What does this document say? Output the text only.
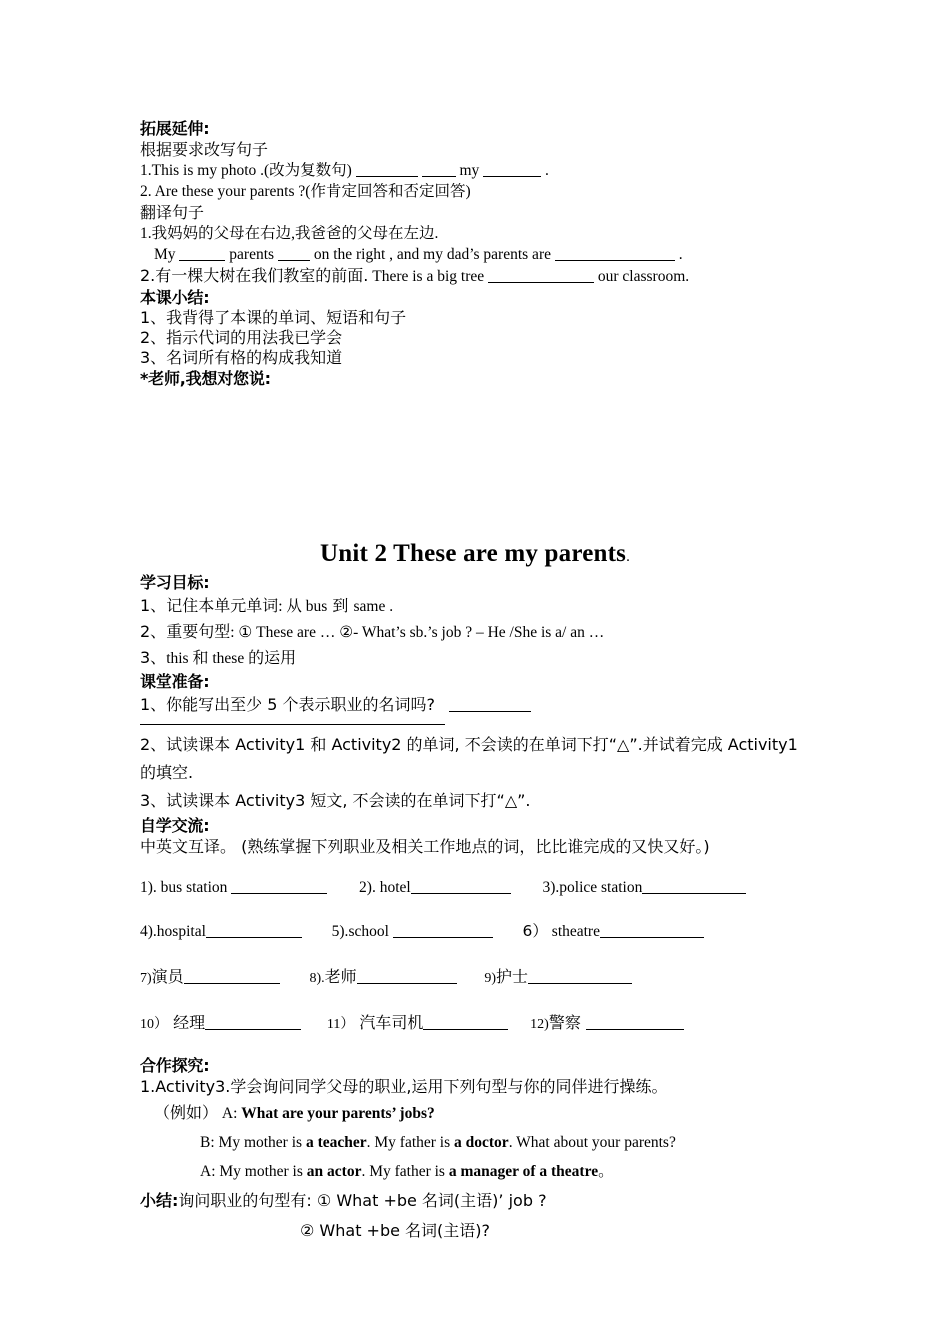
拓展延伸:

根据要求改写句子

1.This is my photo .(改为复数句)	my	.

2. Are these your parents ?(作肯定回答和否定回答)

翻译句子

1.我妈妈的父母在右边,我爸爸的父母在左边.

My	parents	on the right , and my dad’s parents are	.

2.有一棵大树在我们教室的前面. There is a big tree	our classroom.

本课小结:

1、我背得了本课的单词、短语和句子

2、指示代词的用法我已学会

3、名词所有格的构成我知道

*老师,我想对您说:

Unit 2 These are my parents.

学习目标:

1、记住本单元单词: 从 bus 到 same .

2、重要句型: ① These are … ②- What’s sb.’s job ? – He /She is a/ an …

3、this 和 these 的运用

课堂准备:

1、你能写出至少 5 个表示职业的名词吗?

2、试读课本 Activity1 和 Activity2 的单词, 不会读的在单词下打“△”.并试着完成 Activity1 的填空.

3、试读课本 Activity3 短文, 不会读的在单词下打“△”.

自学交流:

中英文互译。 (熟练掌握下列职业及相关工作地点的词，比比谁完成的又快又好。)

1). bus station	2). hotel	3).police station

4).hospital	5).school	6） stheatre

7)演员	8).老师	9)护士

10） 经理	11） 汽车司机	12)警察

合作探究:

1.Activity3.学会询问同学父母的职业,运用下列句型与你的同伴进行操练。

（例如） A: What are your parents’ jobs?

B: My mother is a teacher. My father is a doctor. What about your parents?

A: My mother is an actor. My father is a manager of a theatre。

小结:询问职业的句型有: ① What +be 名词(主语)’ job ?

② What +be 名词(主语)?
